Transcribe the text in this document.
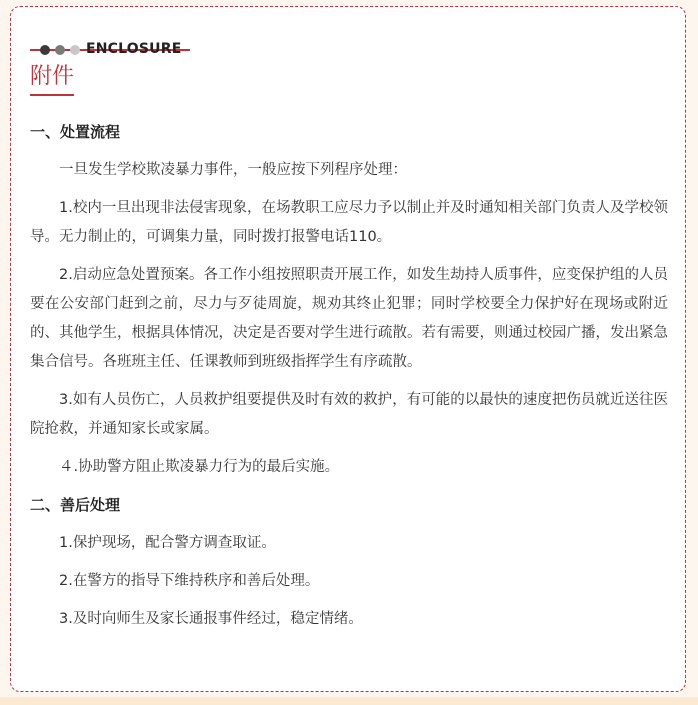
ENCLOSURE
附件
一、处置流程

一旦发生学校欺凌暴力事件，一般应按下列程序处理：

1.校内一旦出现非法侵害现象，在场教职工应尽力予以制止并及时通知相关部门负责人及学校领导。无力制止的，可调集力量，同时拨打报警电话110。

2.启动应急处置预案。各工作小组按照职责开展工作，如发生劫持人质事件，应变保护组的人员要在公安部门赶到之前，尽力与歹徒周旋，规劝其终止犯罪；同时学校要全力保护好在现场或附近的、其他学生，根据具体情况，决定是否要对学生进行疏散。若有需要，则通过校园广播，发出紧急集合信号。各班班主任、任课教师到班级指挥学生有序疏散。

3.如有人员伤亡，人员救护组要提供及时有效的救护，有可能的以最快的速度把伤员就近送往医院抢救，并通知家长或家属。

４.协助警方阻止欺凌暴力行为的最后实施。

二、善后处理

1.保护现场，配合警方调查取证。

2.在警方的指导下维持秩序和善后处理。

3.及时向师生及家长通报事件经过，稳定情绪。
